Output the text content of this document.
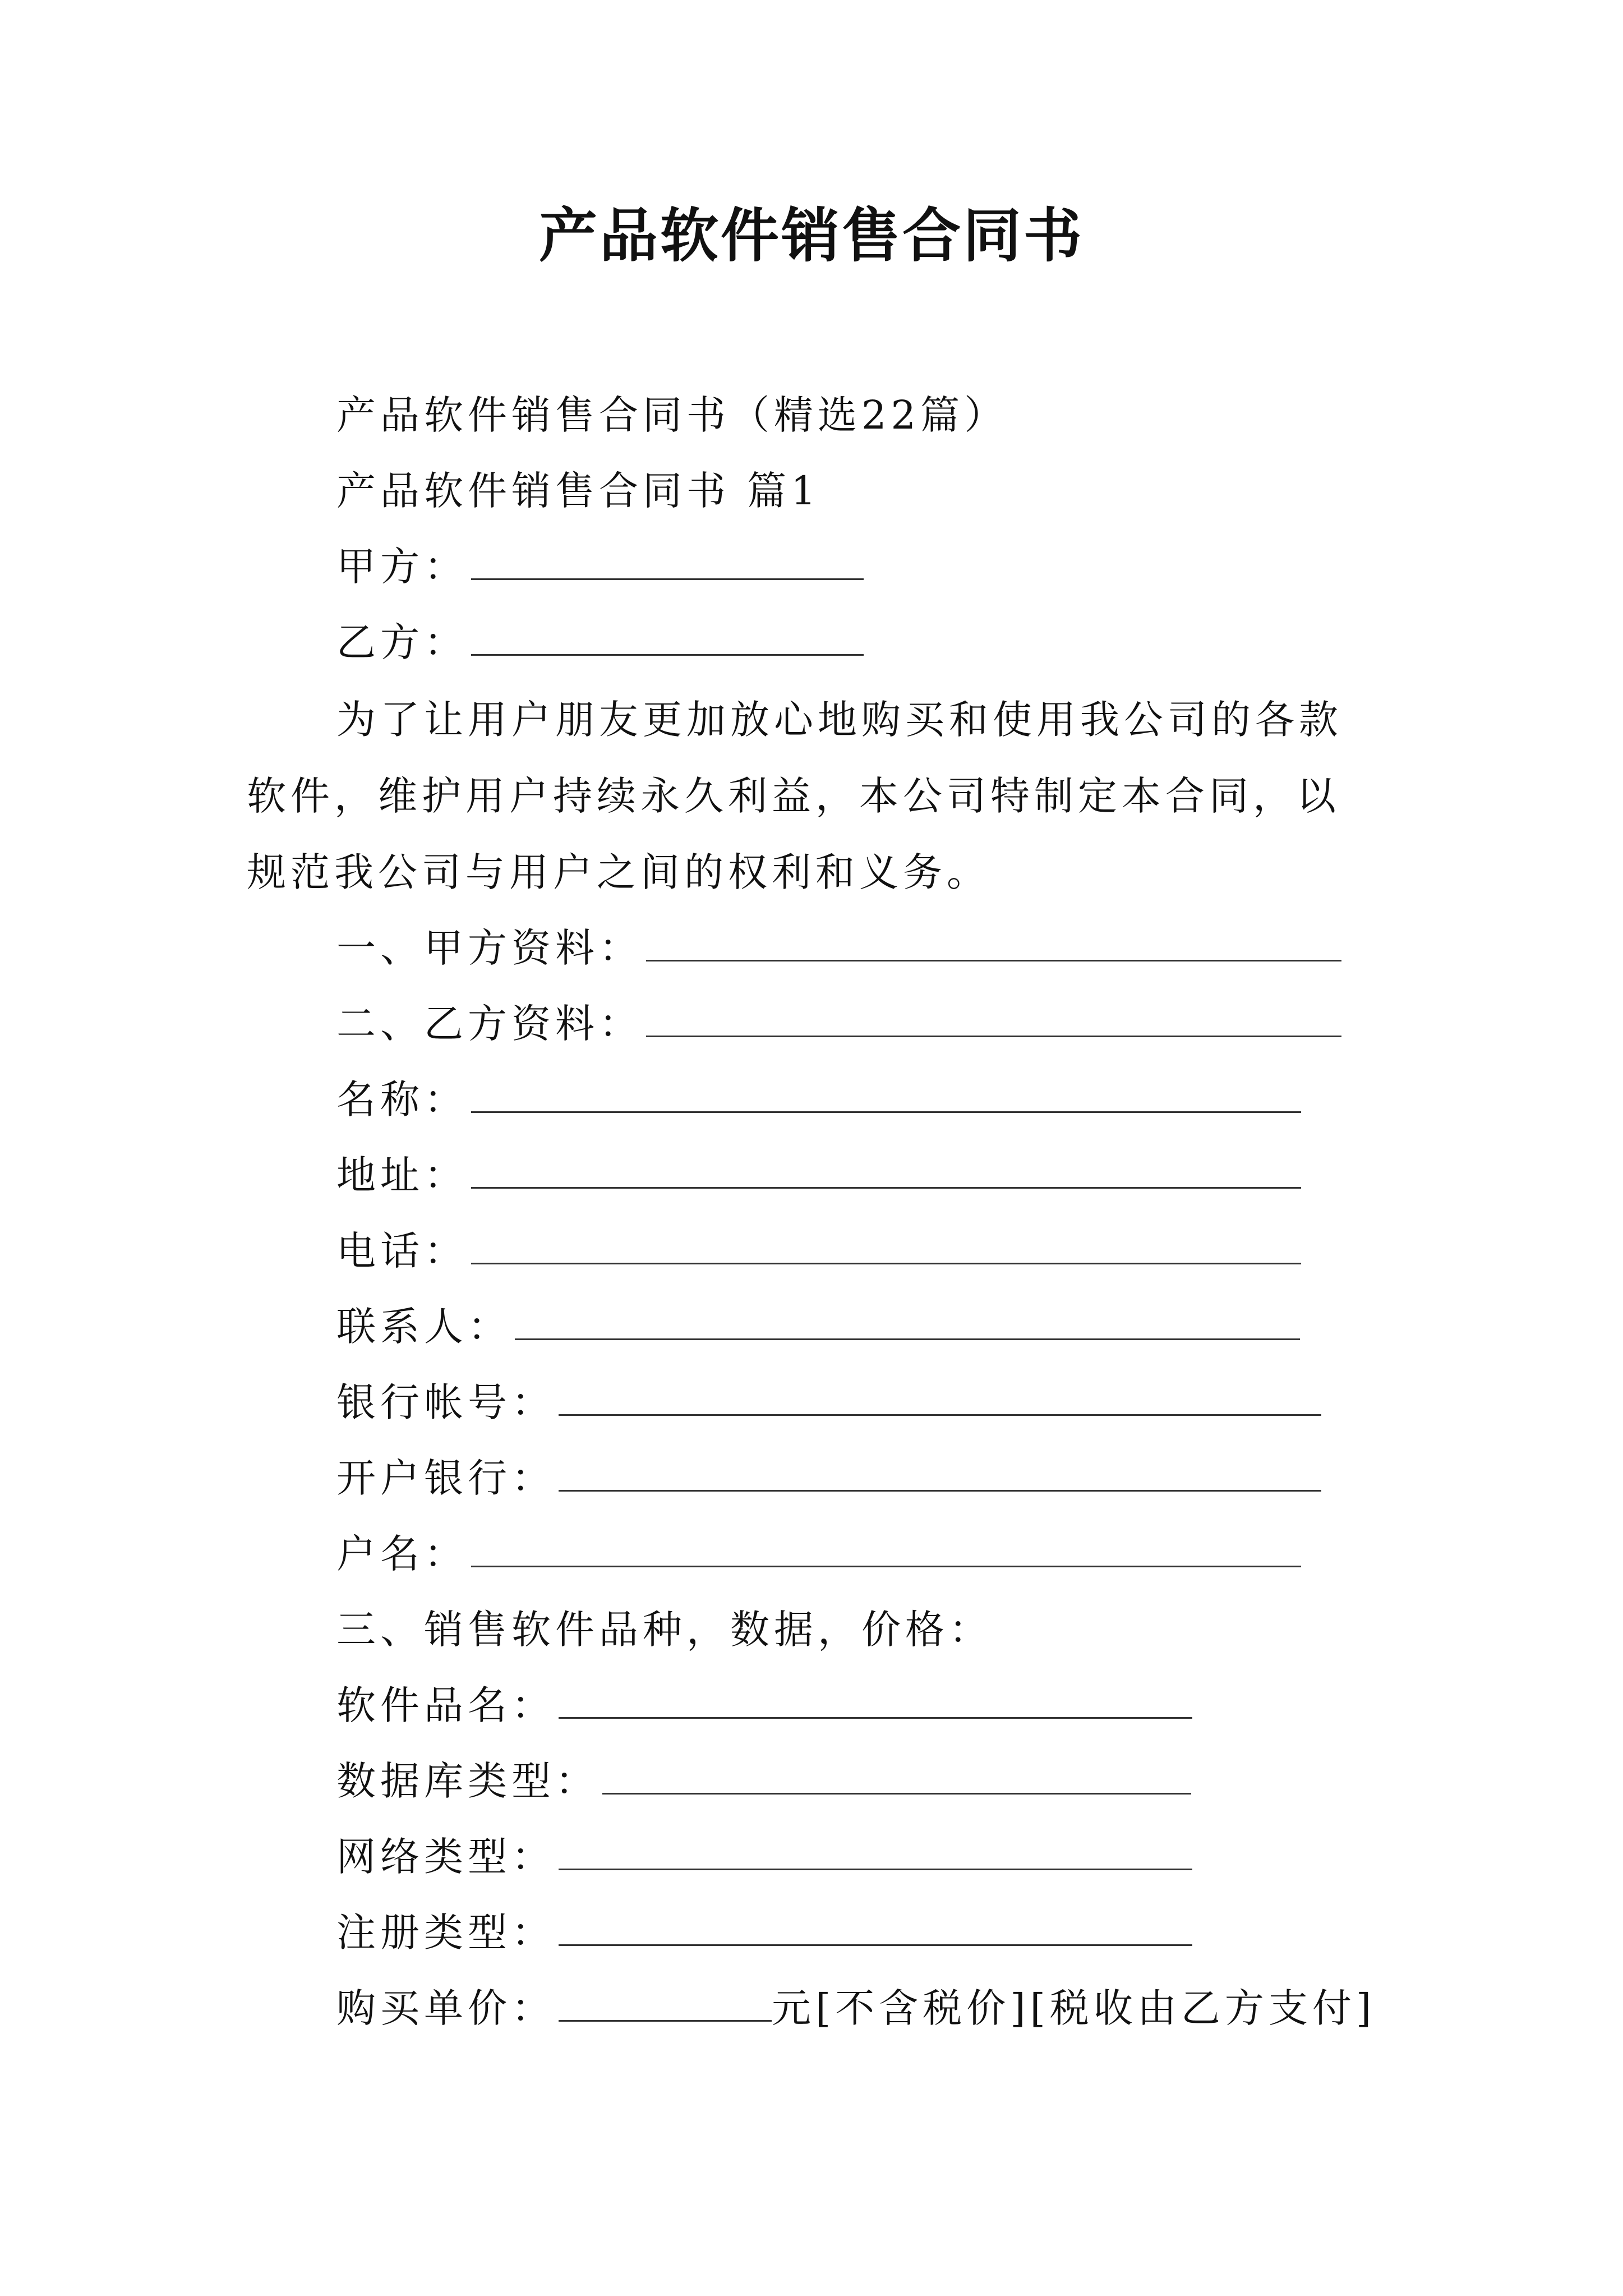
产品软件销售合同书
产品软件销售合同书（精选22篇）
产品软件销售合同书 篇1
甲方：
乙方：
为了让用户朋友更加放心地购买和使用我公司的各款软件，维护用户持续永久利益，本公司特制定本合同，以规范我公司与用户之间的权利和义务。
一、甲方资料：
二、乙方资料：
名称：
地址：
电话：
联系人：
银行帐号：
开户银行：
户名：
三、销售软件品种，数据，价格：
软件品名：
数据库类型：
网络类型：
注册类型：
购买单价：	元[不含税价][税收由乙方支付]
